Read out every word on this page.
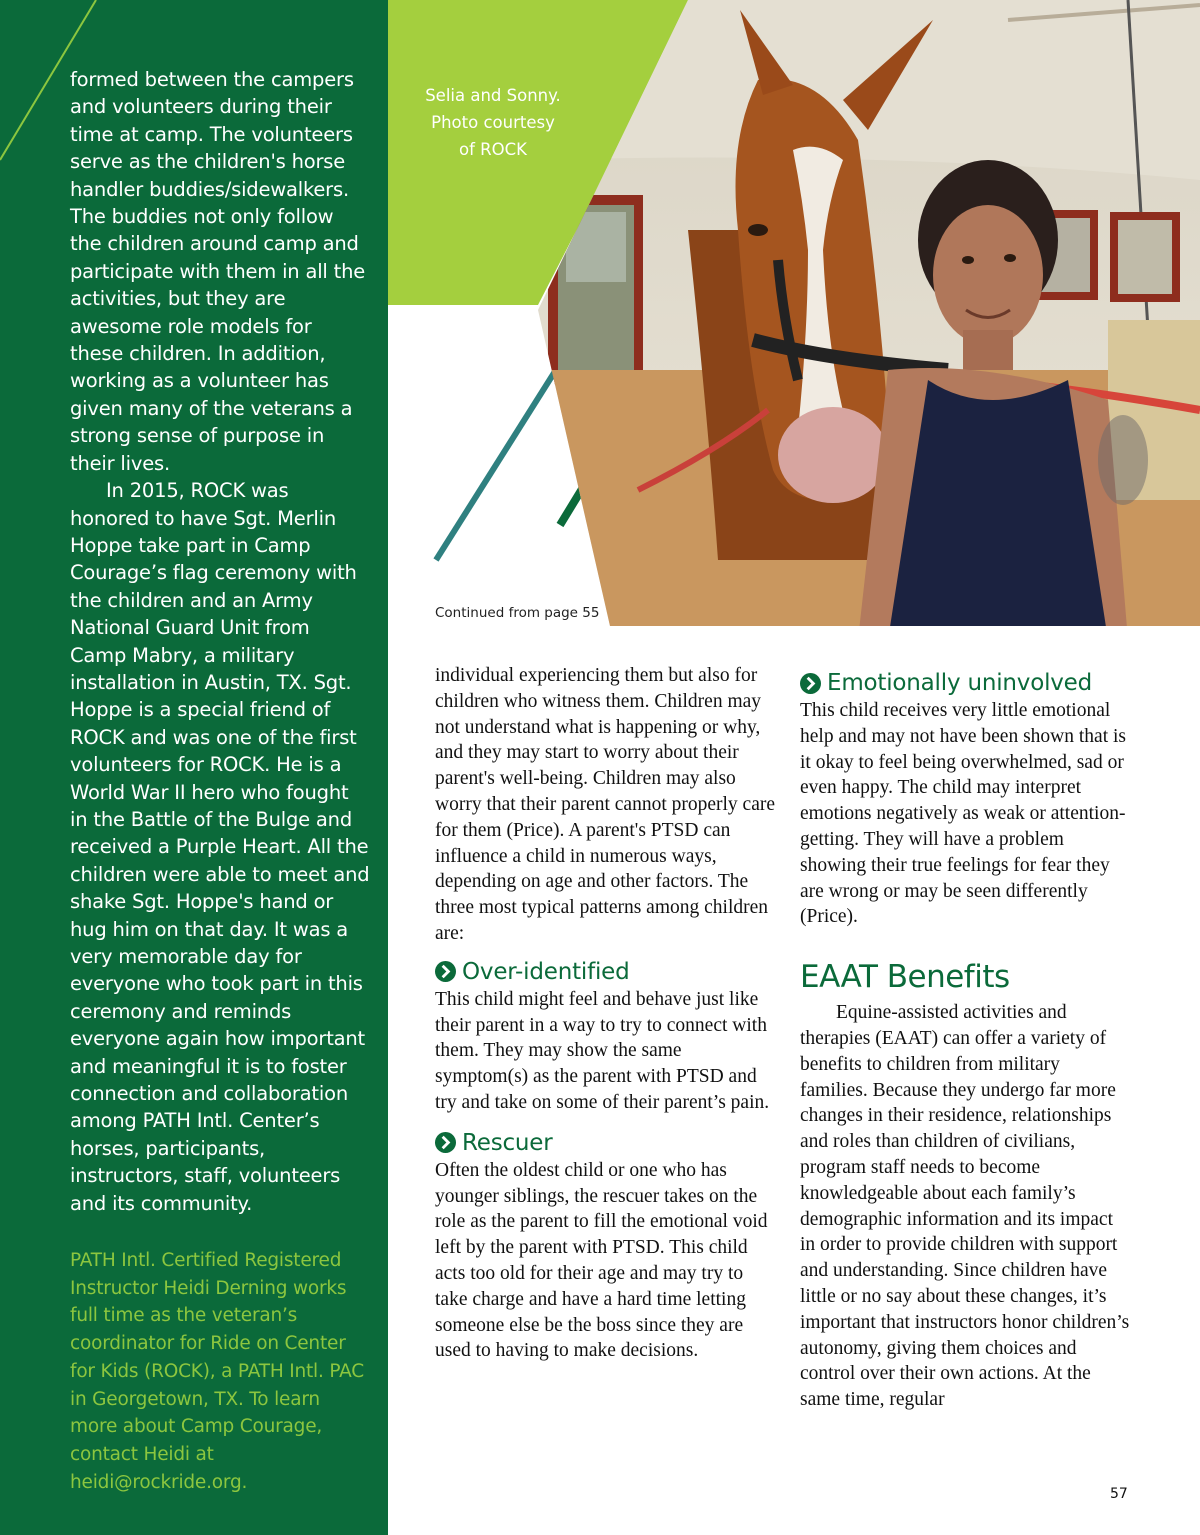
formed between the campers and volunteers during their time at camp. The volunteers serve as the children's horse handler buddies/sidewalkers. The buddies not only follow the children around camp and participate with them in all the activities, but they are awesome role models for these children. In addition, working as a volunteer has given many of the veterans a strong sense of purpose in their lives.

In 2015, ROCK was honored to have Sgt. Merlin Hoppe take part in Camp Courage’s flag ceremony with the children and an Army National Guard Unit from Camp Mabry, a military installation in Austin, TX. Sgt. Hoppe is a special friend of ROCK and was one of the first volunteers for ROCK. He is a World War II hero who fought in the Battle of the Bulge and received a Purple Heart. All the children were able to meet and shake Sgt. Hoppe's hand or hug him on that day. It was a very memorable day for everyone who took part in this ceremony and reminds everyone again how important and meaningful it is to foster connection and collaboration among PATH Intl. Center’s horses, participants, instructors, staff, volunteers and its community.

PATH Intl. Certified Registered Instructor Heidi Derning works full time as the veteran’s coordinator for Ride on Center for Kids (ROCK), a PATH Intl. PAC in Georgetown, TX. To learn more about Camp Courage, contact Heidi at heidi@rockride.org.
Selia and Sonny.
Photo courtesy
of ROCK
Continued from page 55

individual experiencing them but also for children who witness them. Children may not understand what is happening or why, and they may start to worry about their parent's well-being. Children may also worry that their parent cannot properly care for them (Price). A parent's PTSD can influence a child in numerous ways, depending on age and other factors. The three most typical patterns among children are:

Over-identified

This child might feel and behave just like their parent in a way to try to connect with them. They may show the same symptom(s) as the parent with PTSD and try and take on some of their parent’s pain.

Rescuer

Often the oldest child or one who has younger siblings, the rescuer takes on the role as the parent to fill the emotional void left by the parent with PTSD. This child acts too old for their age and may try to take charge and have a hard time letting someone else be the boss since they are used to having to make decisions.

Emotionally uninvolved

This child receives very little emotional help and may not have been shown that is it okay to feel being overwhelmed, sad or even happy. The child may interpret emotions negatively as weak or attention-getting. They will have a problem showing their true feelings for fear they are wrong or may be seen differently (Price).

EAAT Benefits

Equine-assisted activities and therapies (EAAT) can offer a variety of benefits to children from military families. Because they undergo far more changes in their residence, relationships and roles than children of civilians, program staff needs to become knowledgeable about each family’s demographic information and its impact in order to provide children with support and understanding. Since children have little or no say about these changes, it’s important that instructors honor children’s autonomy, giving them choices and control over their own actions. At the same time, regular

57
